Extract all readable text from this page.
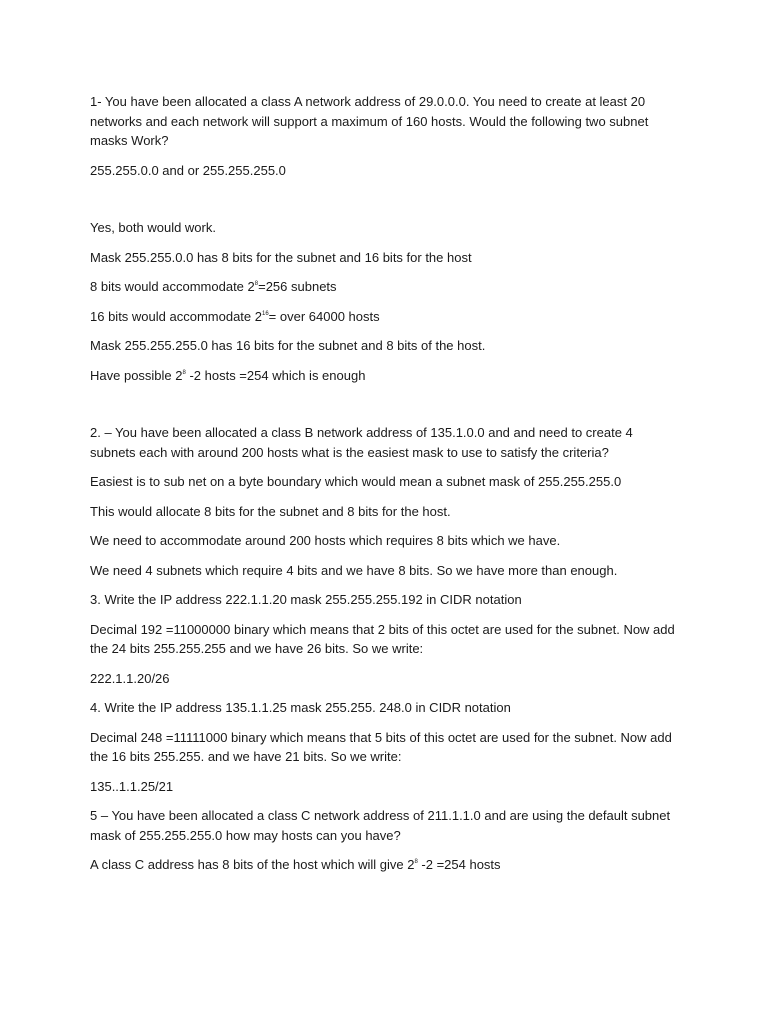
1- You have been allocated a class A network address of 29.0.0.0. You need to create at least 20 networks and each network will support a maximum of 160 hosts. Would the following two subnet masks Work?

255.255.0.0 and or 255.255.255.0

Yes, both would work.

Mask 255.255.0.0 has 8 bits for the subnet and 16 bits for the host

8 bits would accommodate $2^8=256$ subnets

16 bits would accommodate $2^{16}=$ over 64000 hosts

Mask 255.255.255.0 has 16 bits for the subnet and 8 bits of the host.

Have possible $2^8$ -2 hosts =254 which is enough

2. – You have been allocated a class B network address of 135.1.0.0 and and need to create 4 subnets each with around 200 hosts what is the easiest mask to use to satisfy the criteria?

Easiest is to sub net on a byte boundary which would mean a subnet mask of 255.255.255.0

This would allocate 8 bits for the subnet and 8 bits for the host.

We need to accommodate around 200 hosts which requires 8 bits which we have.

We need 4 subnets which require 4 bits and we have 8 bits. So we have more than enough.

3. Write the IP address 222.1.1.20 mask 255.255.255.192 in CIDR notation

Decimal 192 =11000000 binary which means that 2 bits of this octet are used for the subnet. Now add the 24 bits 255.255.255 and we have 26 bits. So we write:

222.1.1.20/26

4. Write the IP address 135.1.1.25 mask 255.255. 248.0 in CIDR notation

Decimal 248 =11111000 binary which means that 5 bits of this octet are used for the subnet. Now add the 16 bits 255.255. and we have 21 bits. So we write:

135..1.1.25/21

5 – You have been allocated a class C network address of 211.1.1.0 and are using the default subnet mask of 255.255.255.0 how may hosts can you have?

A class C address has 8 bits of the host which will give $2^8$ -2 =254 hosts
